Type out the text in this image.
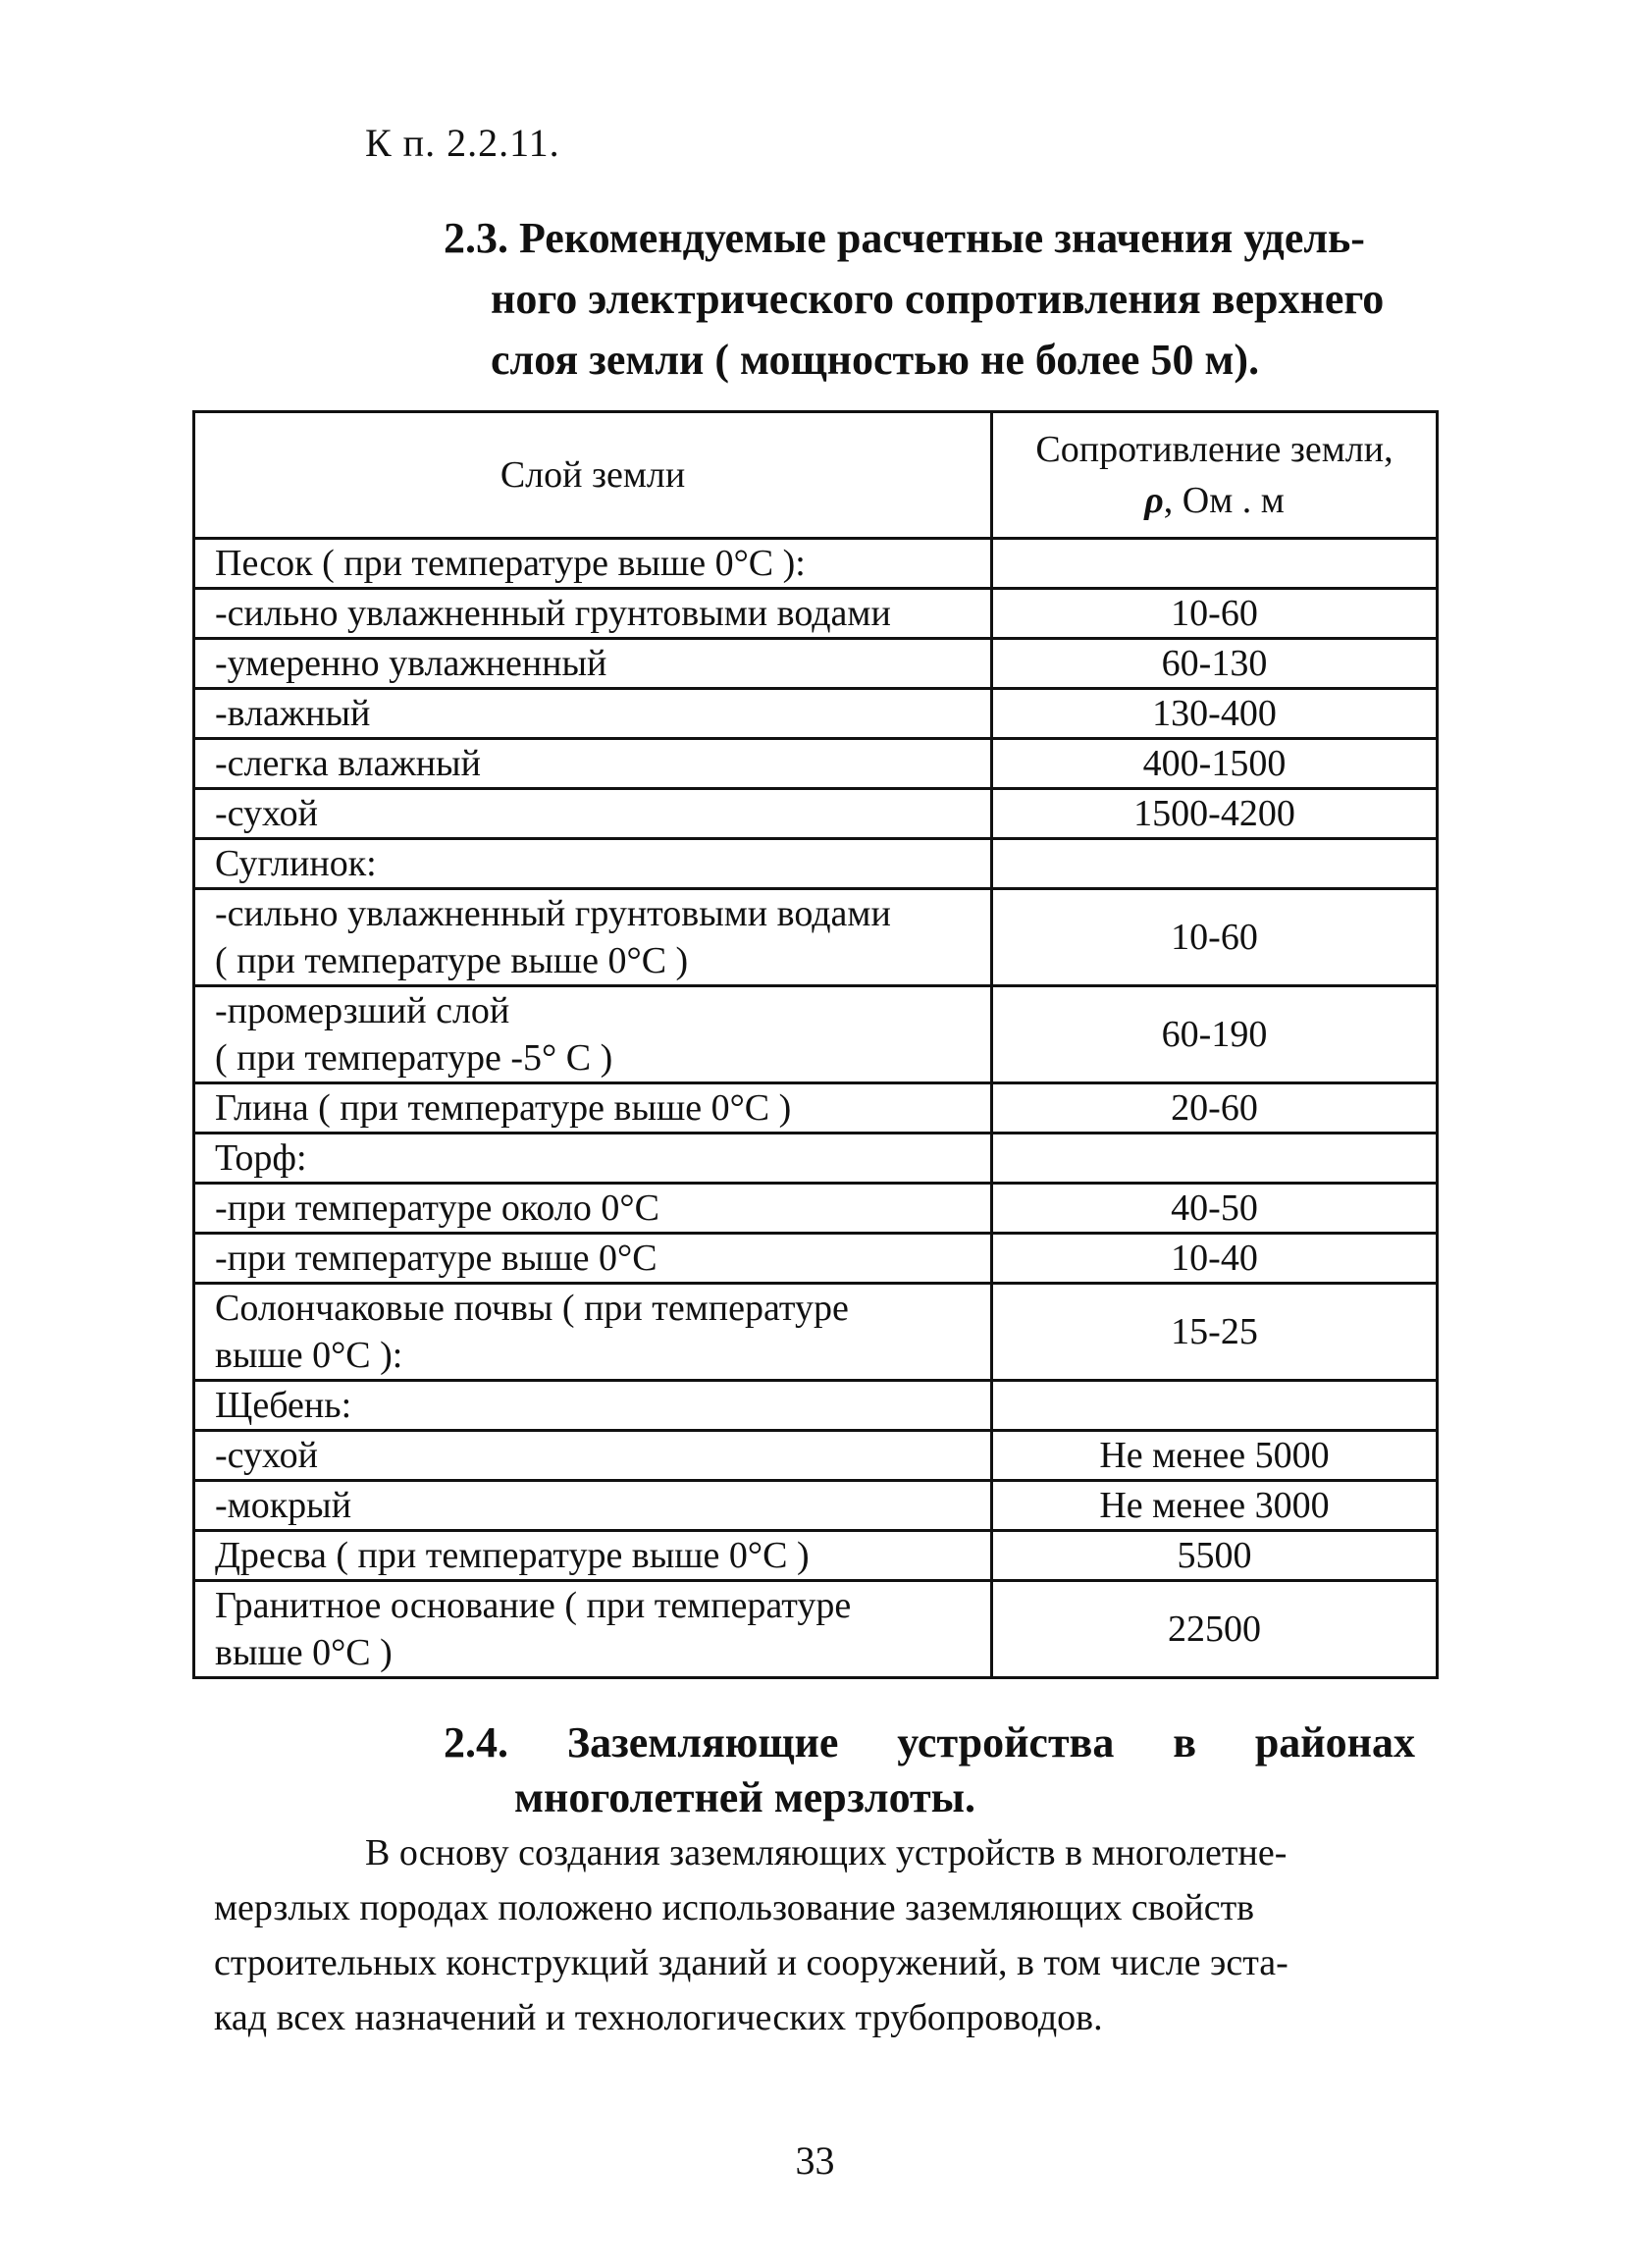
К п. 2.2.11.
2.3. Рекомендуемые расчетные значения удель-
ного электрического сопротивления верхнего
слоя земли ( мощностью не более 50 м).
Слой земли	Сопротивление земли,
ρ, Ом . м
Песок ( при температуре выше 0°С ):	
-сильно увлажненный грунтовыми водами	10-60
-умеренно увлажненный	60-130
-влажный	130-400
-слегка влажный	400-1500
-сухой	1500-4200
Суглинок:	
-сильно увлажненный грунтовыми водами
( при температуре выше 0°С )	10-60
-промерзший слой
( при температуре -5° С )	60-190
Глина ( при температуре выше 0°С )	20-60
Торф:	
-при температуре около 0°С	40-50
-при температуре выше 0°С	10-40
Солончаковые почвы ( при температуре
выше 0°С ):	15-25
Щебень:	
-сухой	Не менее 5000
-мокрый	Не менее 3000
Дресва ( при температуре выше 0°С )	5500
Гранитное основание ( при температуре
выше 0°С )	22500
2.4. Заземляющие устройства в районах
многолетней мерзлоты.
В основу создания заземляющих устройств в многолетне-
мерзлых породах положено использование заземляющих свойств
строительных конструкций зданий и сооружений, в том числе эста-
кад всех назначений и технологических трубопроводов.
33
